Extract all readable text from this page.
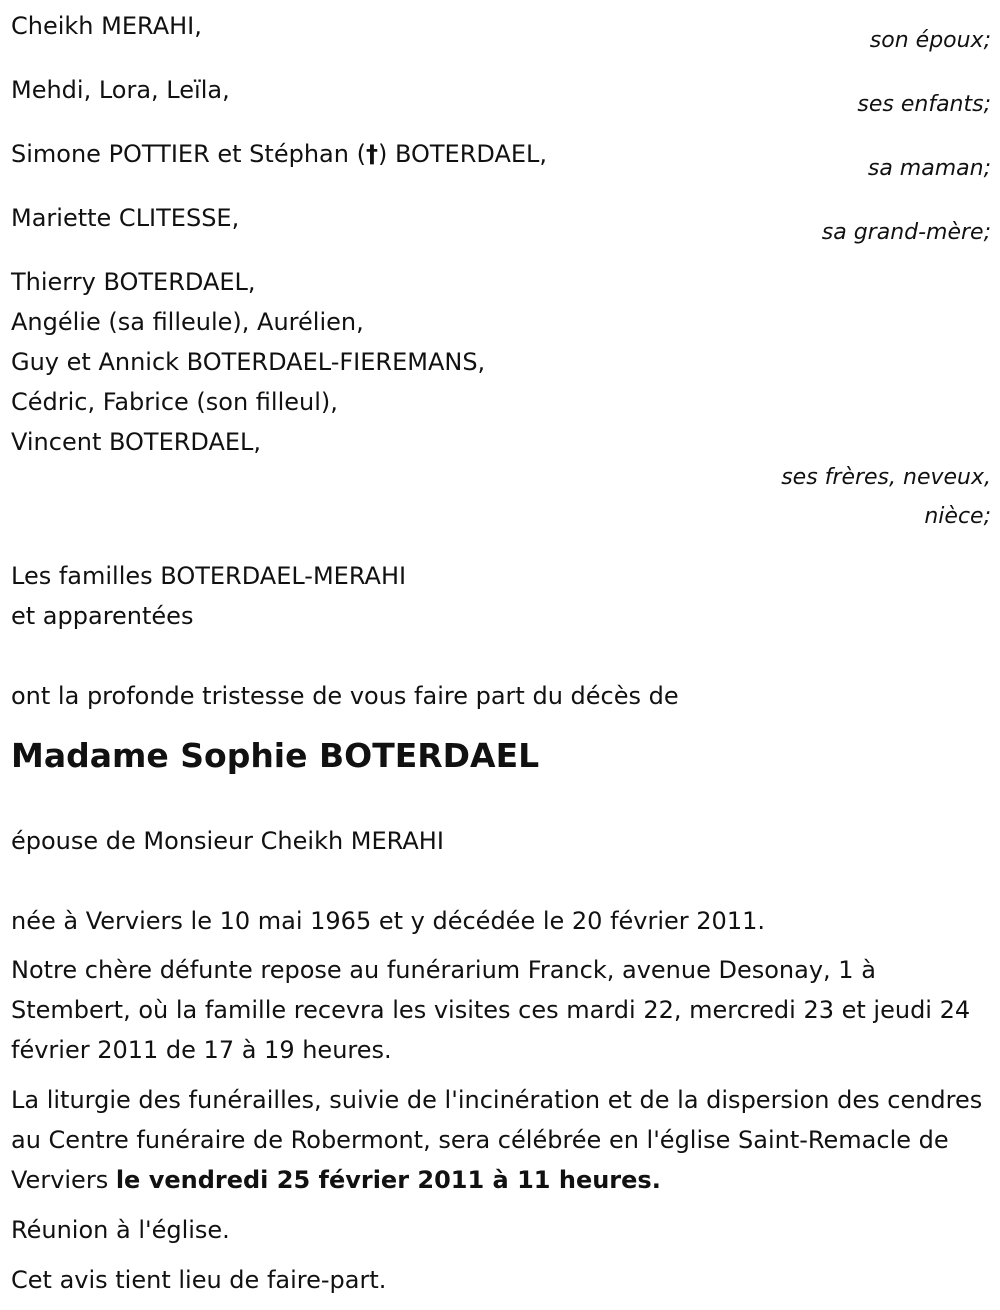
Cheikh MERAHI,
son époux;
Mehdi, Lora, Leïla,
ses enfants;
Simone POTTIER et Stéphan (†) BOTERDAEL,
sa maman;
Mariette CLITESSE,
sa grand-mère;
Thierry BOTERDAEL,
Angélie (sa filleule), Aurélien,
Guy et Annick BOTERDAEL-FIEREMANS,
Cédric, Fabrice (son filleul),
Vincent BOTERDAEL,
ses frères, neveux,
nièce;
Les familles BOTERDAEL-MERAHI
et apparentées
ont la profonde tristesse de vous faire part du décès de
Madame Sophie BOTERDAEL
épouse de Monsieur Cheikh MERAHI
née à Verviers le 10 mai 1965 et y décédée le 20 février 2011.
Notre chère défunte repose au funérarium Franck, avenue Desonay, 1 à Stembert, où la famille recevra les visites ces mardi 22, mercredi 23 et jeudi 24 février 2011 de 17 à 19 heures.
La liturgie des funérailles, suivie de l'incinération et de la dispersion des cendres au Centre funéraire de Robermont, sera célébrée en l'église Saint-Remacle de Verviers le vendredi 25 février 2011 à 11 heures.
Réunion à l'église.
Cet avis tient lieu de faire-part.
